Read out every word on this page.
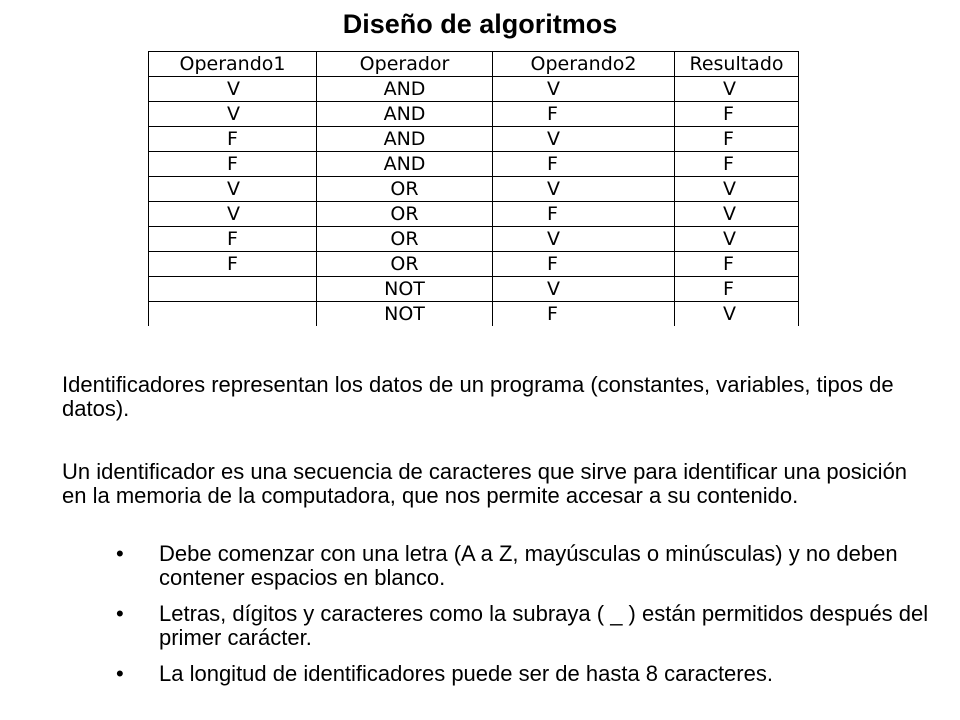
Diseño de algoritmos
Operando1	Operador	Operando2	Resultado
V	AND	V	V
V	AND	F	F
F	AND	V	F
F	AND	F	F
V	OR	V	V
V	OR	F	V
F	OR	V	V
F	OR	F	F
	NOT	V	F
	NOT	F	V
Identificadores representan los datos de un programa (constantes, variables, tipos de datos).
Un identificador es una secuencia de caracteres que sirve para identificar una posición en la memoria de la computadora, que nos permite accesar a su contenido.
• Debe comenzar con una letra (A a Z, mayúsculas o minúsculas) y no deben contener espacios en blanco.
• Letras, dígitos y caracteres como la subraya ( _ ) están permitidos después del primer carácter.
• La longitud de identificadores puede ser de hasta 8 caracteres.
